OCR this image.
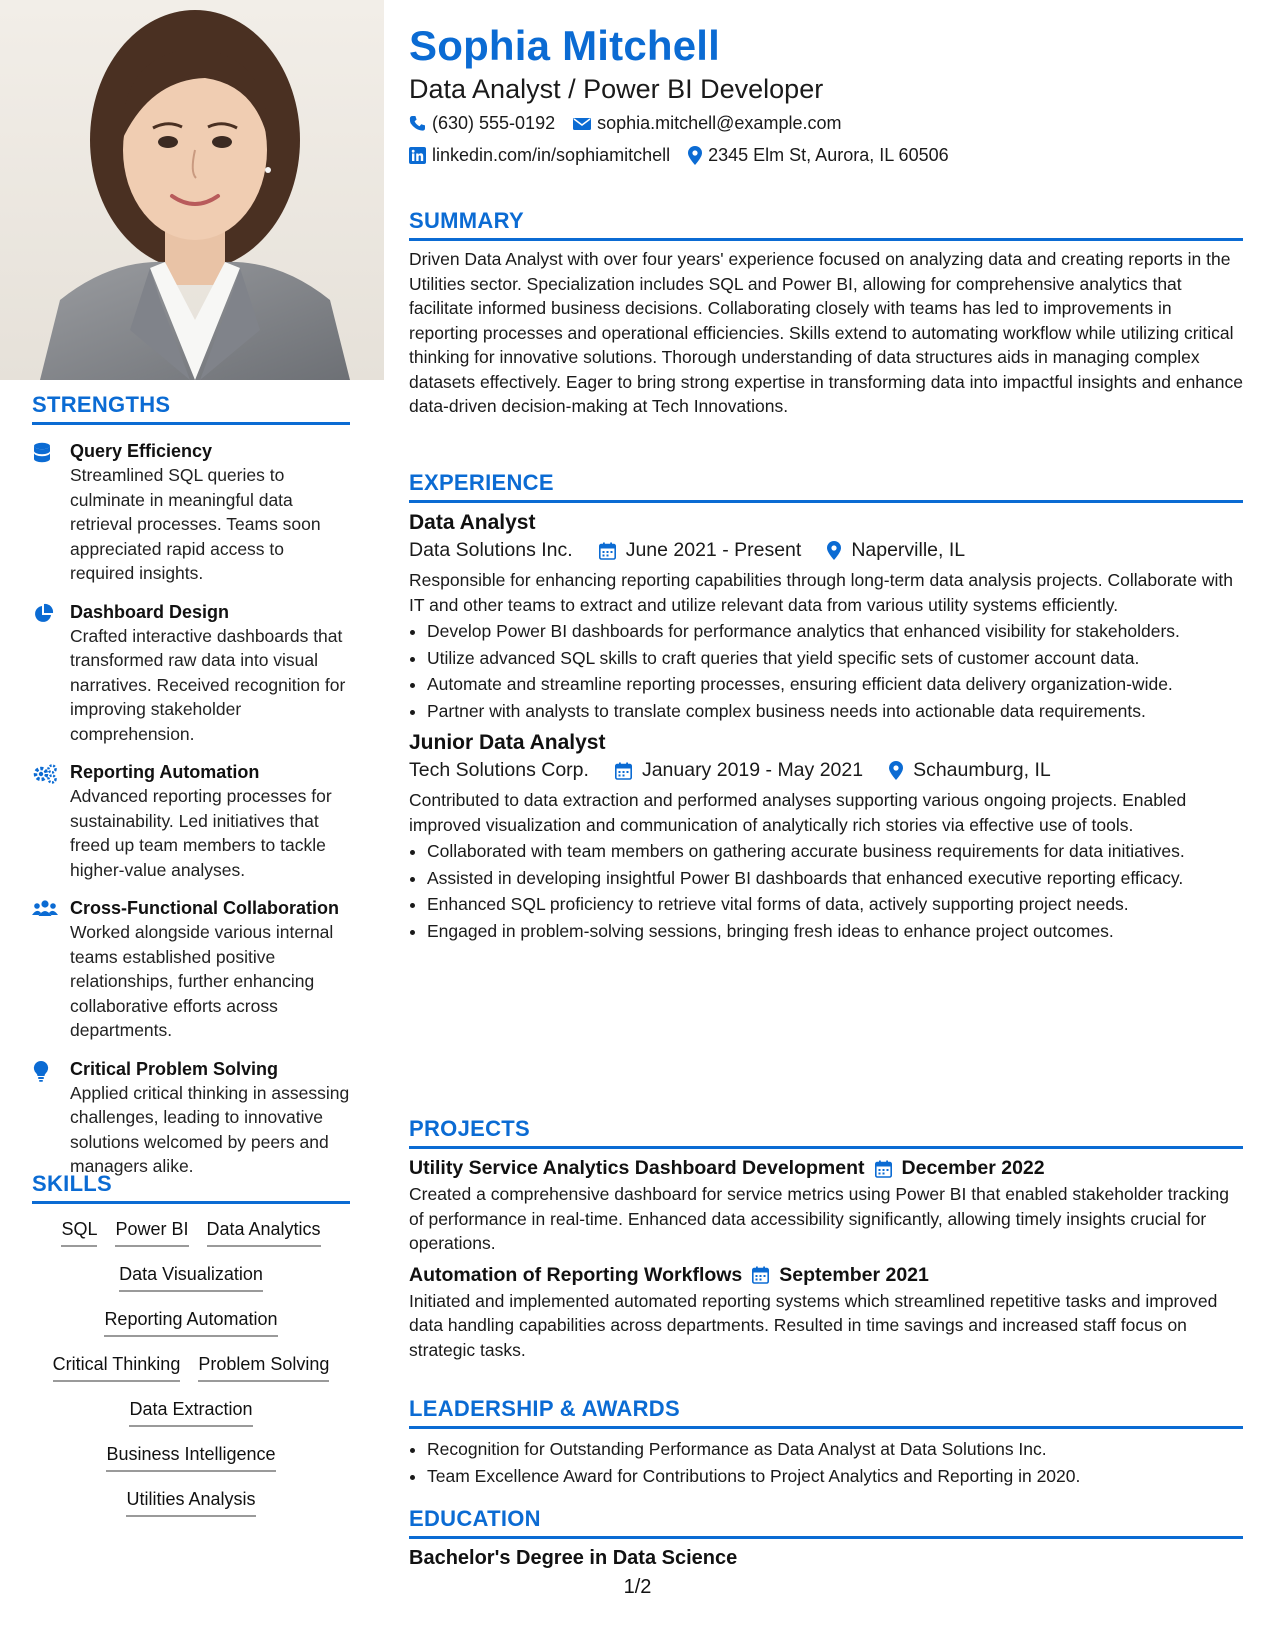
STRENGTHS
Query Efficiency
Streamlined SQL queries to culminate in meaningful data retrieval processes. Teams soon appreciated rapid access to required insights.
Dashboard Design
Crafted interactive dashboards that transformed raw data into visual narratives. Received recognition for improving stakeholder comprehension.
Reporting Automation
Advanced reporting processes for sustainability. Led initiatives that freed up team members to tackle higher-value analyses.
Cross-Functional Collaboration
Worked alongside various internal teams established positive relationships, further enhancing collaborative efforts across departments.
Critical Problem Solving
Applied critical thinking in assessing challenges, leading to innovative solutions welcomed by peers and managers alike.
SKILLS
SQL Power BI Data Analytics
Data Visualization
Reporting Automation
Critical Thinking Problem Solving
Data Extraction
Business Intelligence
Utilities Analysis
Sophia Mitchell
Data Analyst / Power BI Developer
(630) 555-0192 sophia.mitchell@example.com
linkedin.com/in/sophiamitchell 2345 Elm St, Aurora, IL 60506
SUMMARY
Driven Data Analyst with over four years' experience focused on analyzing data and creating reports in the Utilities sector. Specialization includes SQL and Power BI, allowing for comprehensive analytics that facilitate informed business decisions. Collaborating closely with teams has led to improvements in reporting processes and operational efficiencies. Skills extend to automating workflow while utilizing critical thinking for innovative solutions. Thorough understanding of data structures aids in managing complex datasets effectively. Eager to bring strong expertise in transforming data into impactful insights and enhance data-driven decision-making at Tech Innovations.
EXPERIENCE
Data Analyst
Data Solutions Inc.	June 2021 - Present	Naperville, IL
Responsible for enhancing reporting capabilities through long-term data analysis projects. Collaborate with IT and other teams to extract and utilize relevant data from various utility systems efficiently.
• Develop Power BI dashboards for performance analytics that enhanced visibility for stakeholders.
• Utilize advanced SQL skills to craft queries that yield specific sets of customer account data.
• Automate and streamline reporting processes, ensuring efficient data delivery organization-wide.
• Partner with analysts to translate complex business needs into actionable data requirements.
Junior Data Analyst
Tech Solutions Corp.	January 2019 - May 2021	Schaumburg, IL
Contributed to data extraction and performed analyses supporting various ongoing projects. Enabled improved visualization and communication of analytically rich stories via effective use of tools.
• Collaborated with team members on gathering accurate business requirements for data initiatives.
• Assisted in developing insightful Power BI dashboards that enhanced executive reporting efficacy.
• Enhanced SQL proficiency to retrieve vital forms of data, actively supporting project needs.
• Engaged in problem-solving sessions, bringing fresh ideas to enhance project outcomes.
PROJECTS
Utility Service Analytics Dashboard Development December 2022
Created a comprehensive dashboard for service metrics using Power BI that enabled stakeholder tracking of performance in real-time. Enhanced data accessibility significantly, allowing timely insights crucial for operations.
Automation of Reporting Workflows September 2021
Initiated and implemented automated reporting systems which streamlined repetitive tasks and improved data handling capabilities across departments. Resulted in time savings and increased staff focus on strategic tasks.
LEADERSHIP & AWARDS
• Recognition for Outstanding Performance as Data Analyst at Data Solutions Inc.
• Team Excellence Award for Contributions to Project Analytics and Reporting in 2020.
EDUCATION
Bachelor's Degree in Data Science
1/2
